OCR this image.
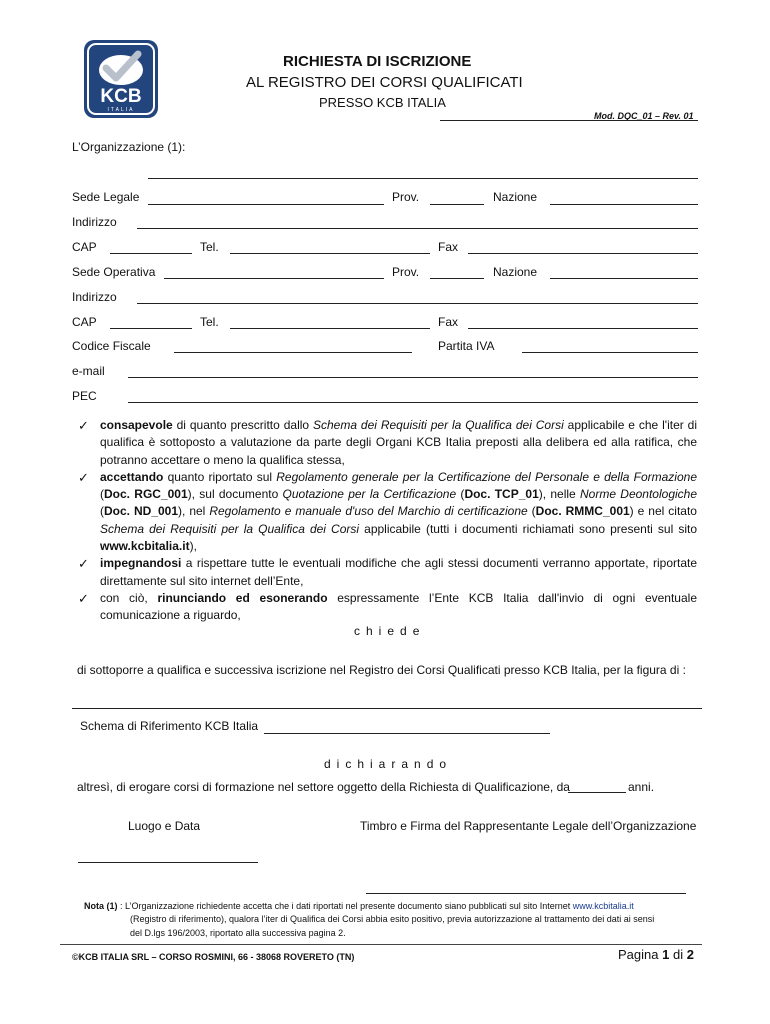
KCB
ITALIA
RICHIESTA DI ISCRIZIONE
AL REGISTRO DEI CORSI QUALIFICATI
PRESSO KCB ITALIA
Mod. DQC_01 – Rev. 01
L’Organizzazione (1):
Sede Legale	Prov.	Nazione
Indirizzo
CAP	Tel.	Fax
Sede Operativa	Prov.	Nazione
Indirizzo
CAP	Tel.	Fax
Codice Fiscale	Partita IVA
e-mail
PEC
✓ consapevole di quanto prescritto dallo Schema dei Requisiti per la Qualifica dei Corsi applicabile e che l'iter di qualifica è sottoposto a valutazione da parte degli Organi KCB Italia preposti alla delibera ed alla ratifica, che potranno accettare o meno la qualifica stessa,
✓ accettando quanto riportato sul Regolamento generale per la Certificazione del Personale e della Formazione (Doc. RGC_001), sul documento Quotazione per la Certificazione (Doc. TCP_01), nelle Norme Deontologiche (Doc. ND_001), nel Regolamento e manuale d'uso del Marchio di certificazione (Doc. RMMC_001) e nel citato Schema dei Requisiti per la Qualifica dei Corsi applicabile (tutti i documenti richiamati sono presenti sul sito www.kcbitalia.it),
✓ impegnandosi a rispettare tutte le eventuali modifiche che agli stessi documenti verranno apportate, riportate direttamente sul sito internet dell’Ente,
✓ con ciò, rinunciando ed esonerando espressamente l’Ente KCB Italia dall'invio di ogni eventuale comunicazione a riguardo,
chiede
di sottoporre a qualifica e successiva iscrizione nel Registro dei Corsi Qualificati presso KCB Italia, per la figura di :
Schema di Riferimento KCB Italia
dichiarando
altresì, di erogare corsi di formazione nel settore oggetto della Richiesta di Qualificazione, da	anni.
Luogo e Data	Timbro e Firma del Rappresentante Legale dell’Organizzazione
Nota (1) : L’Organizzazione richiedente accetta che i dati riportati nel presente documento siano pubblicati sul sito Internet www.kcbitalia.it
(Registro di riferimento), qualora l’iter di Qualifica dei Corsi abbia esito positivo, previa autorizzazione al trattamento dei dati ai sensi
del D.lgs 196/2003, riportato alla successiva pagina 2.
©KCB ITALIA SRL – CORSO ROSMINI, 66 - 38068 ROVERETO (TN)	Pagina 1 di 2
